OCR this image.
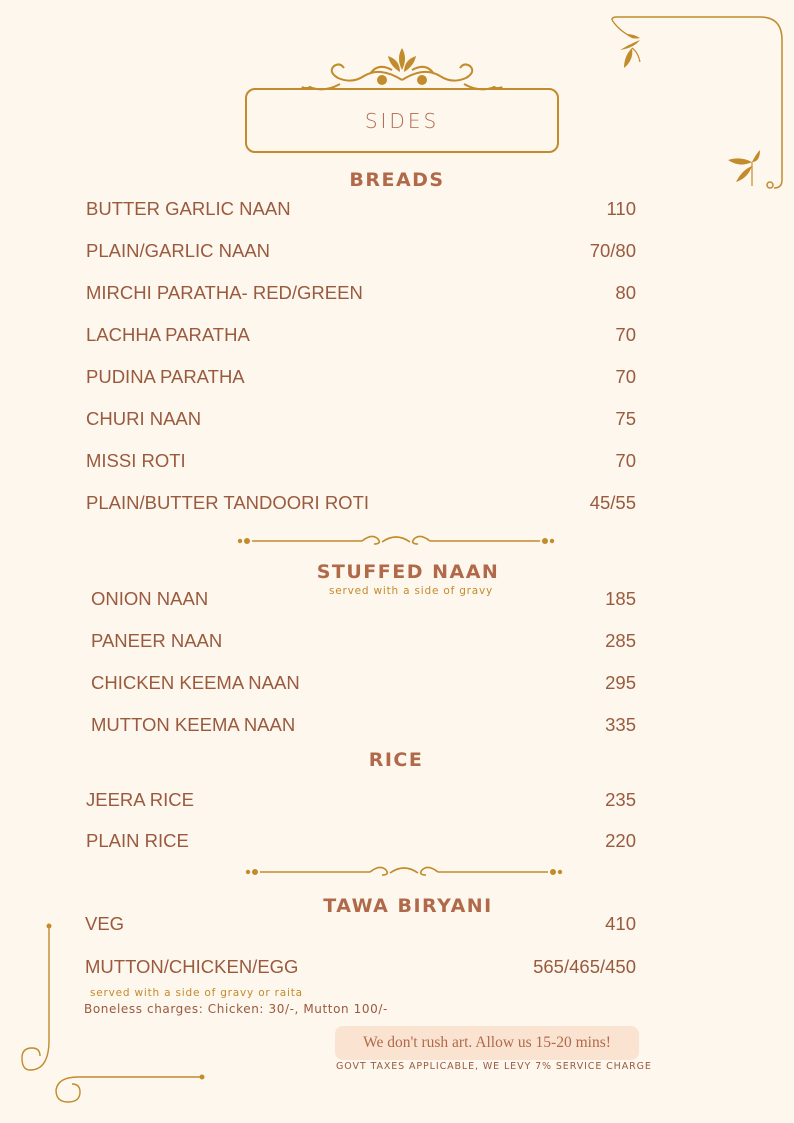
SIDES
BREADS
BUTTER GARLIC NAAN	110
PLAIN/GARLIC NAAN	70/80
MIRCHI PARATHA- RED/GREEN	80
LACHHA PARATHA	70
PUDINA PARATHA	70
CHURI NAAN	75
MISSI ROTI	70
PLAIN/BUTTER TANDOORI ROTI	45/55
STUFFED NAAN
served with a side of gravy
ONION NAAN	185
PANEER NAAN	285
CHICKEN KEEMA NAAN	295
MUTTON KEEMA NAAN	335
RICE
JEERA RICE	235
PLAIN RICE	220
TAWA BIRYANI
VEG	410
MUTTON/CHICKEN/EGG	565/465/450
served with a side of gravy or raita
Boneless charges: Chicken: 30/-, Mutton 100/-
We don't rush art. Allow us 15-20 mins!
GOVT TAXES APPLICABLE, WE LEVY 7% SERVICE CHARGE
